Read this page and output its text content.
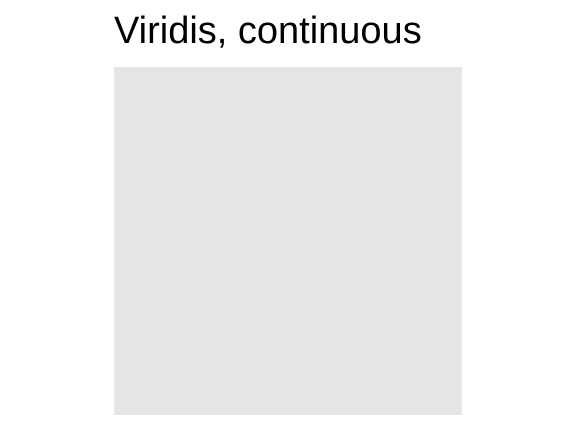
Viridis, continuous
